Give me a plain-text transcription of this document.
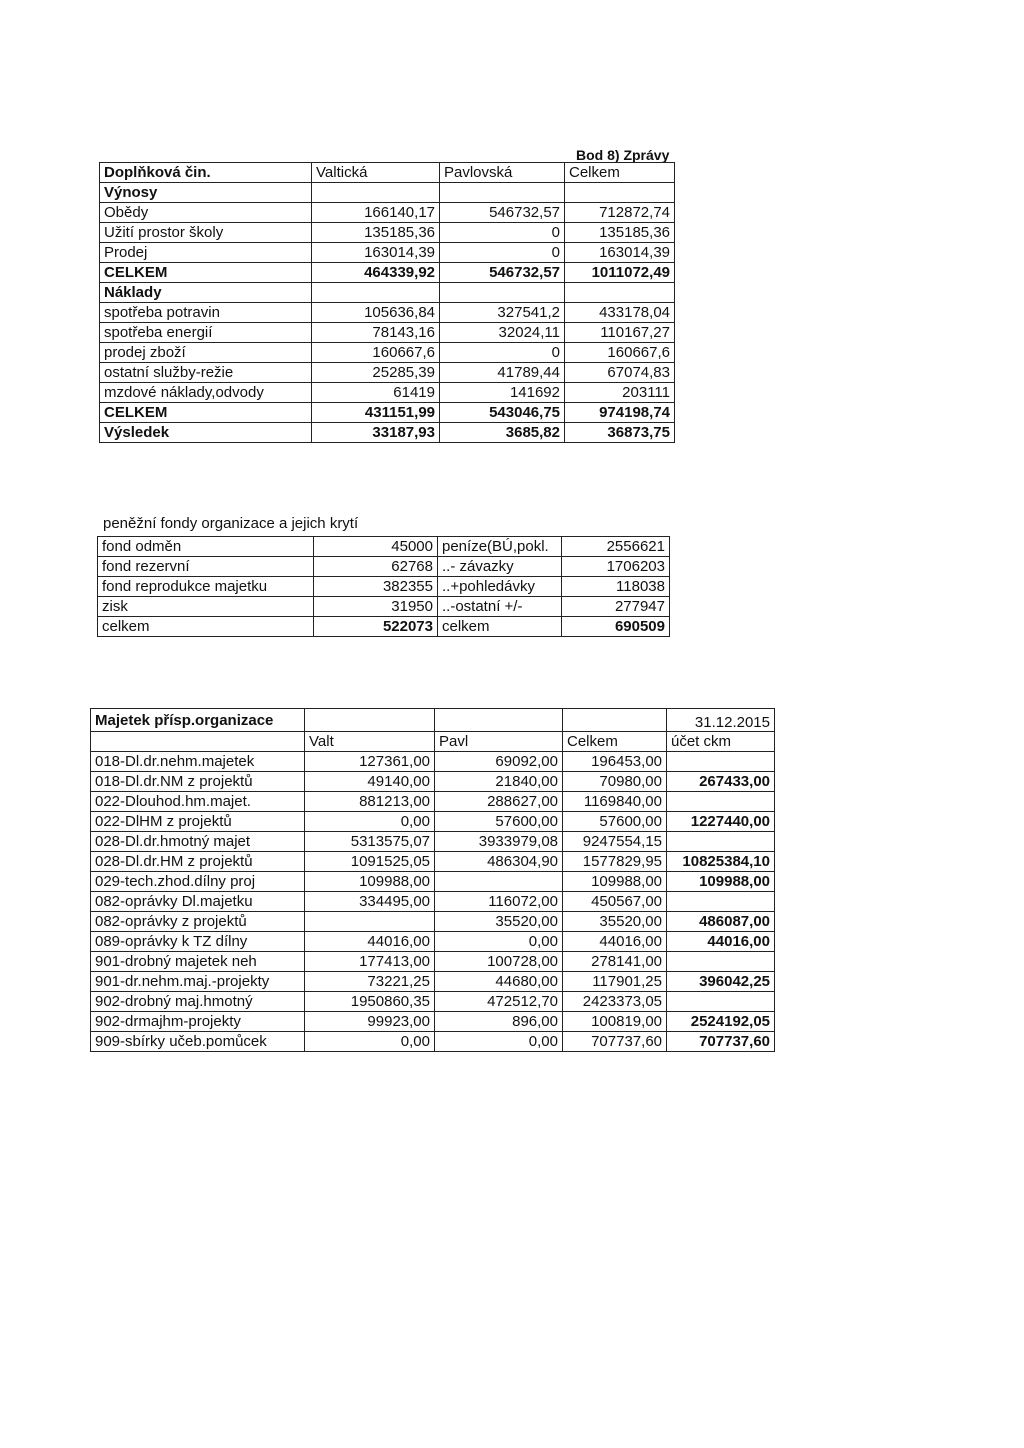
Bod 8) Zprávy
Doplňková čin.	Valtická	Pavlovská	Celkem
Výnosy			
Obědy	166140,17	546732,57	712872,74
Užití prostor školy	135185,36	0	135185,36
Prodej	163014,39	0	163014,39
CELKEM	464339,92	546732,57	1011072,49
Náklady			
spotřeba potravin	105636,84	327541,2	433178,04
spotřeba energií	78143,16	32024,11	110167,27
prodej zboží	160667,6	0	160667,6
ostatní služby-režie	25285,39	41789,44	67074,83
mzdové náklady,odvody	61419	141692	203111
CELKEM	431151,99	543046,75	974198,74
Výsledek	33187,93	3685,82	36873,75
peněžní fondy organizace a jejich krytí
fond odměn	45000	peníze(BÚ,pokl.	2556621
fond rezervní	62768	..- závazky	1706203
fond reprodukce majetku	382355	..+pohledávky	118038
zisk	31950	..-ostatní +/-	277947
celkem	522073	celkem	690509
Majetek přísp.organizace				31.12.2015
	Valt	Pavl	Celkem	účet ckm
018-Dl.dr.nehm.majetek	127361,00	69092,00	196453,00	
018-Dl.dr.NM z projektů	49140,00	21840,00	70980,00	267433,00
022-Dlouhod.hm.majet.	881213,00	288627,00	1169840,00	
022-DlHM z projektů	0,00	57600,00	57600,00	1227440,00
028-Dl.dr.hmotný majet	5313575,07	3933979,08	9247554,15	
028-Dl.dr.HM z projektů	1091525,05	486304,90	1577829,95	10825384,10
029-tech.zhod.dílny proj	109988,00		109988,00	109988,00
082-oprávky Dl.majetku	334495,00	116072,00	450567,00	
082-oprávky z projektů		35520,00	35520,00	486087,00
089-oprávky k TZ dílny	44016,00	0,00	44016,00	44016,00
901-drobný majetek neh	177413,00	100728,00	278141,00	
901-dr.nehm.maj.-projekty	73221,25	44680,00	117901,25	396042,25
902-drobný maj.hmotný	1950860,35	472512,70	2423373,05	
902-drmajhm-projekty	99923,00	896,00	100819,00	2524192,05
909-sbírky učeb.pomůcek	0,00	0,00	707737,60	707737,60
